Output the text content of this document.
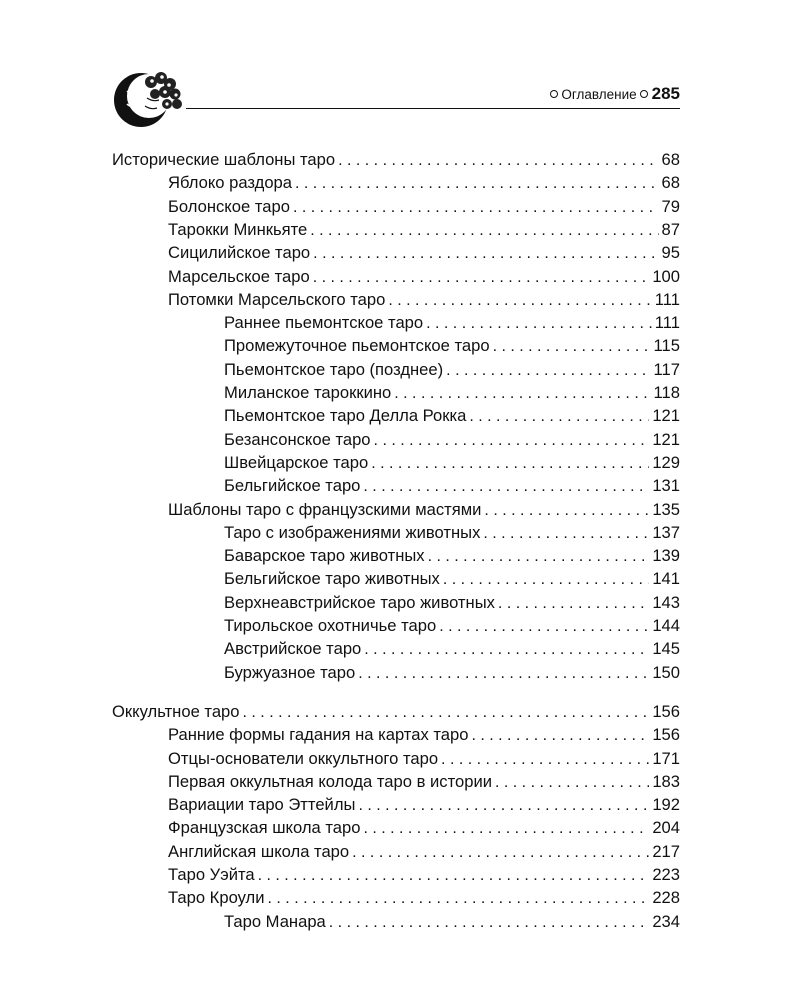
Оглавление 285
Исторические шаблоны таро . . .	68
Яблоко раздора . . .	68
Болонское таро . . .	79
Тарокки Минкьяте . . .	87
Сицилийское таро . . .	95
Марсельское таро . . .	100
Потомки Марсельского таро . . .	111
Раннее пьемонтское таро . . .	111
Промежуточное пьемонтское таро . . .	115
Пьемонтское таро (позднее) . . .	117
Миланское тароккино . . .	118
Пьемонтское таро Делла Рокка . . .	121
Безансонское таро . . .	121
Швейцарское таро . . .	129
Бельгийское таро . . .	131
Шаблоны таро с французскими мастями . . .	135
Таро с изображениями животных . . .	137
Баварское таро животных . . .	139
Бельгийское таро животных . . .	141
Верхнеавстрийское таро животных . . .	143
Тирольское охотничье таро . . .	144
Австрийское таро . . .	145
Буржуазное таро . . .	150
Оккультное таро . . .	156
Ранние формы гадания на картах таро . . .	156
Отцы-основатели оккультного таро . . .	171
Первая оккультная колода таро в истории . . .	183
Вариации таро Эттейлы . . .	192
Французская школа таро . . .	204
Английская школа таро . . .	217
Таро Уэйта . . .	223
Таро Кроули . . .	228
Таро Манара . . .	234
